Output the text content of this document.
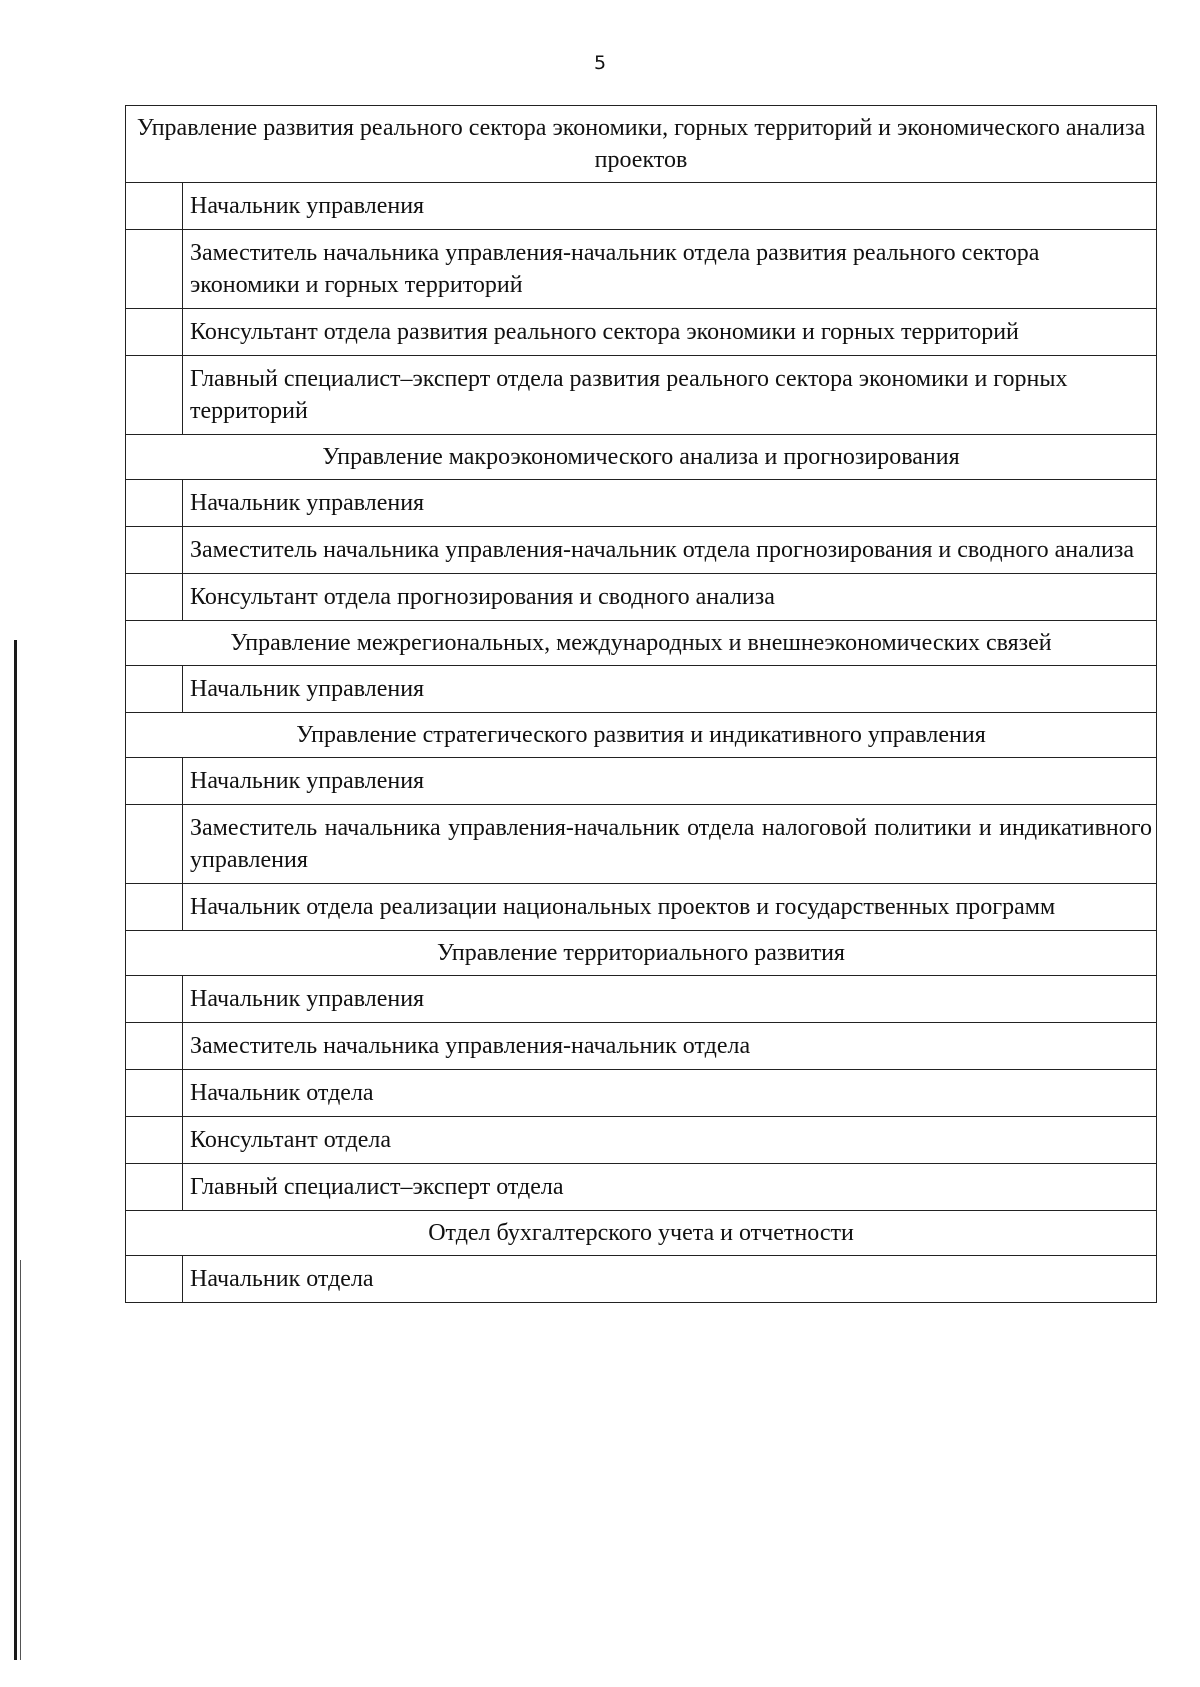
5
Управление развития реального сектора экономики, горных территорий и экономического анализа проектов	
	Начальник управления
	Заместитель начальника управления-начальник отдела развития реального сектора экономики и горных территорий
	Консультант отдела развития реального сектора экономики и горных территорий
	Главный специалист–эксперт отдела развития реального сектора экономики и горных территорий
Управление макроэкономического анализа и прогнозирования	
	Начальник управления
	Заместитель начальника управления-начальник отдела прогнозирования и сводного анализа
	Консультант отдела прогнозирования и сводного анализа
Управление межрегиональных, международных и внешнеэкономических связей	
	Начальник управления
Управление стратегического развития и индикативного управления	
	Начальник управления
	Заместитель начальника управления-начальник отдела налоговой политики и индикативного управления
	Начальник отдела реализации национальных проектов и государственных программ
Управление территориального развития	
	Начальник управления
	Заместитель начальника управления-начальник отдела
	Начальник отдела
	Консультант отдела
	Главный специалист–эксперт отдела
Отдел бухгалтерского учета и отчетности	
	Начальник отдела
